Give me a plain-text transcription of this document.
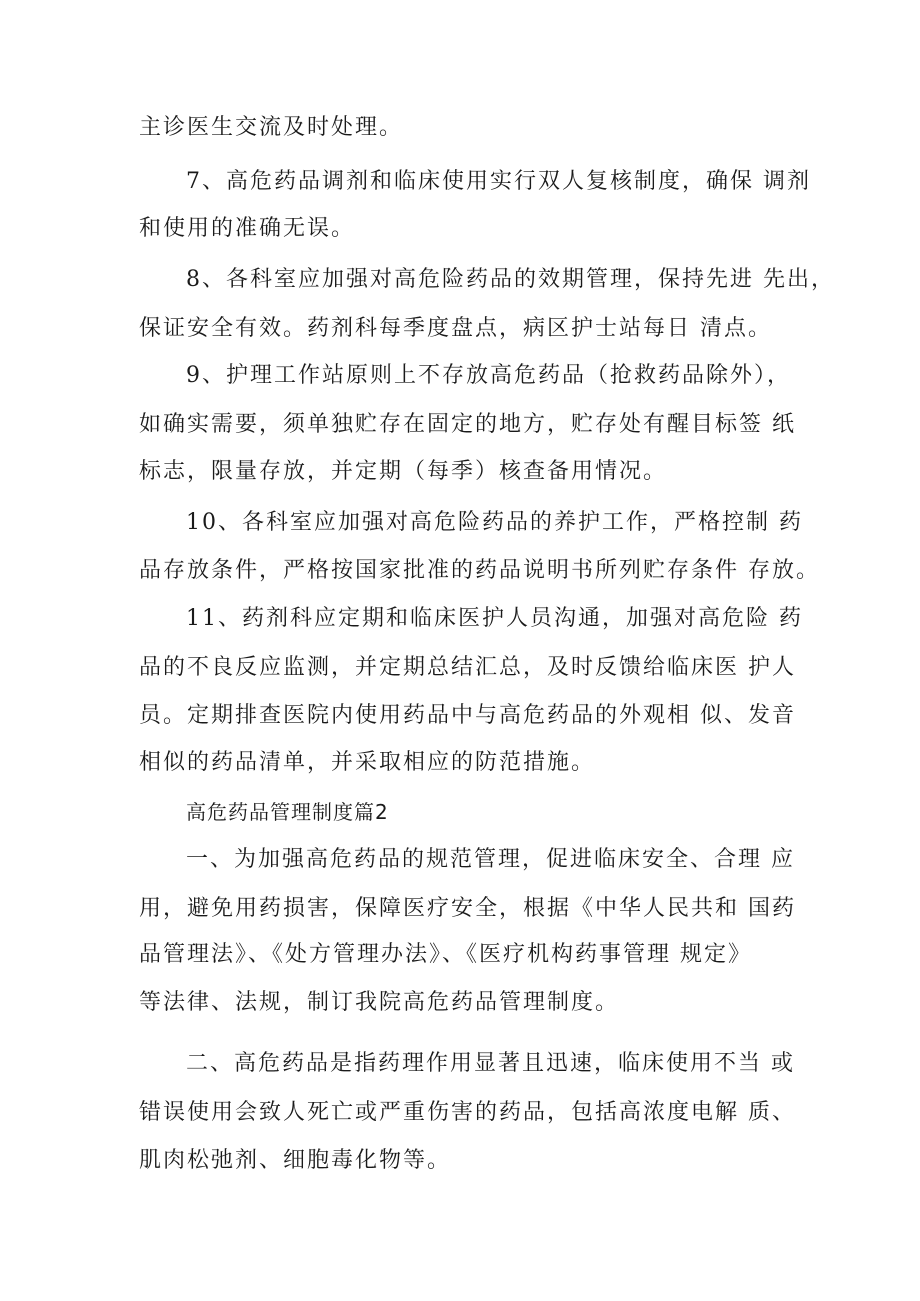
主诊医生交流及时处理。
7、高危药品调剂和临床使用实行双人复核制度，确保 调剂
和使用的准确无误。
8、各科室应加强对高危险药品的效期管理，保持先进 先出，
保证安全有效。药剂科每季度盘点，病区护士站每日 清点。
9、护理工作站原则上不存放高危药品（抢救药品除外），
如确实需要，须单独贮存在固定的地方，贮存处有醒目标签 纸
标志，限量存放，并定期（每季）核查备用情况。
10、各科室应加强对高危险药品的养护工作，严格控制 药
品存放条件，严格按国家批准的药品说明书所列贮存条件 存放。
11、药剂科应定期和临床医护人员沟通，加强对高危险 药
品的不良反应监测，并定期总结汇总，及时反馈给临床医 护人
员。定期排查医院内使用药品中与高危药品的外观相 似、发音
相似的药品清单，并采取相应的防范措施。
高危药品管理制度篇2
一、为加强高危药品的规范管理，促进临床安全、合理 应
用，避免用药损害，保障医疗安全，根据《中华人民共和 国药
品管理法》、《处方管理办法》、《医疗机构药事管理 规定》
等法律、法规，制订我院高危药品管理制度。
二、高危药品是指药理作用显著且迅速，临床使用不当 或
错误使用会致人死亡或严重伤害的药品，包括高浓度电解 质、
肌肉松弛剂、细胞毒化物等。
